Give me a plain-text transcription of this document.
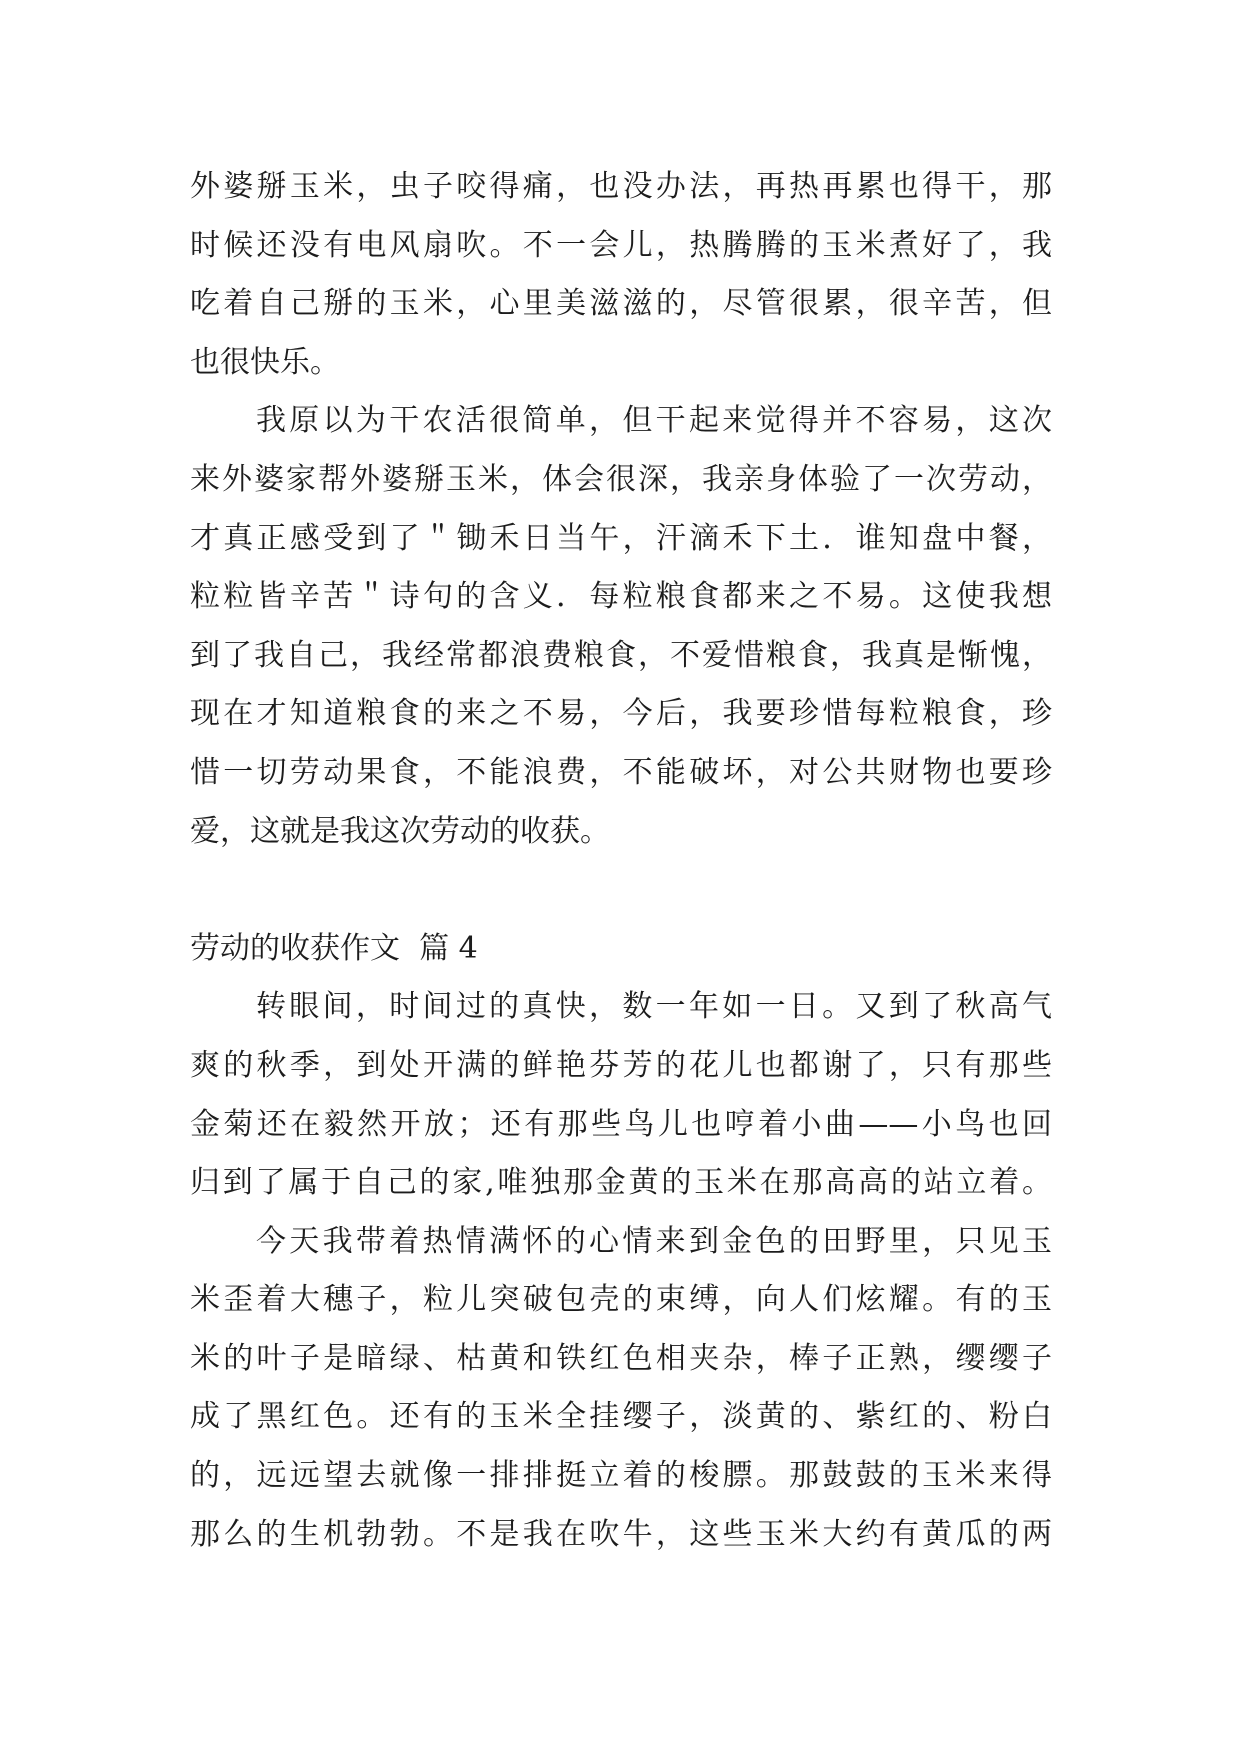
外婆掰玉米，虫子咬得痛，也没办法，再热再累也得干，那
时候还没有电风扇吹。不一会儿，热腾腾的玉米煮好了，我
吃着自己掰的玉米，心里美滋滋的，尽管很累，很辛苦，但
也很快乐。
我原以为干农活很简单，但干起来觉得并不容易，这次
来外婆家帮外婆掰玉米，体会很深，我亲身体验了一次劳动，
才真正感受到了＂锄禾日当午，汗滴禾下土．谁知盘中餐，
粒粒皆辛苦＂诗句的含义．每粒粮食都来之不易。这使我想
到了我自己，我经常都浪费粮食，不爱惜粮食，我真是惭愧，
现在才知道粮食的来之不易，今后，我要珍惜每粒粮食，珍
惜一切劳动果食，不能浪费，不能破坏，对公共财物也要珍
爱，这就是我这次劳动的收获。
劳动的收获作文  篇 4
转眼间，时间过的真快，数一年如一日。又到了秋高气
爽的秋季，到处开满的鲜艳芬芳的花儿也都谢了，只有那些
金菊还在毅然开放；还有那些鸟儿也哼着小曲——小鸟也回
归到了属于自己的家,唯独那金黄的玉米在那高高的站立着。
今天我带着热情满怀的心情来到金色的田野里，只见玉
米歪着大穗子，粒儿突破包壳的束缚，向人们炫耀。有的玉
米的叶子是暗绿、枯黄和铁红色相夹杂，棒子正熟，缨缨子
成了黑红色。还有的玉米全挂缨子，淡黄的、紫红的、粉白
的，远远望去就像一排排挺立着的梭膘。那鼓鼓的玉米来得
那么的生机勃勃。不是我在吹牛，这些玉米大约有黄瓜的两
